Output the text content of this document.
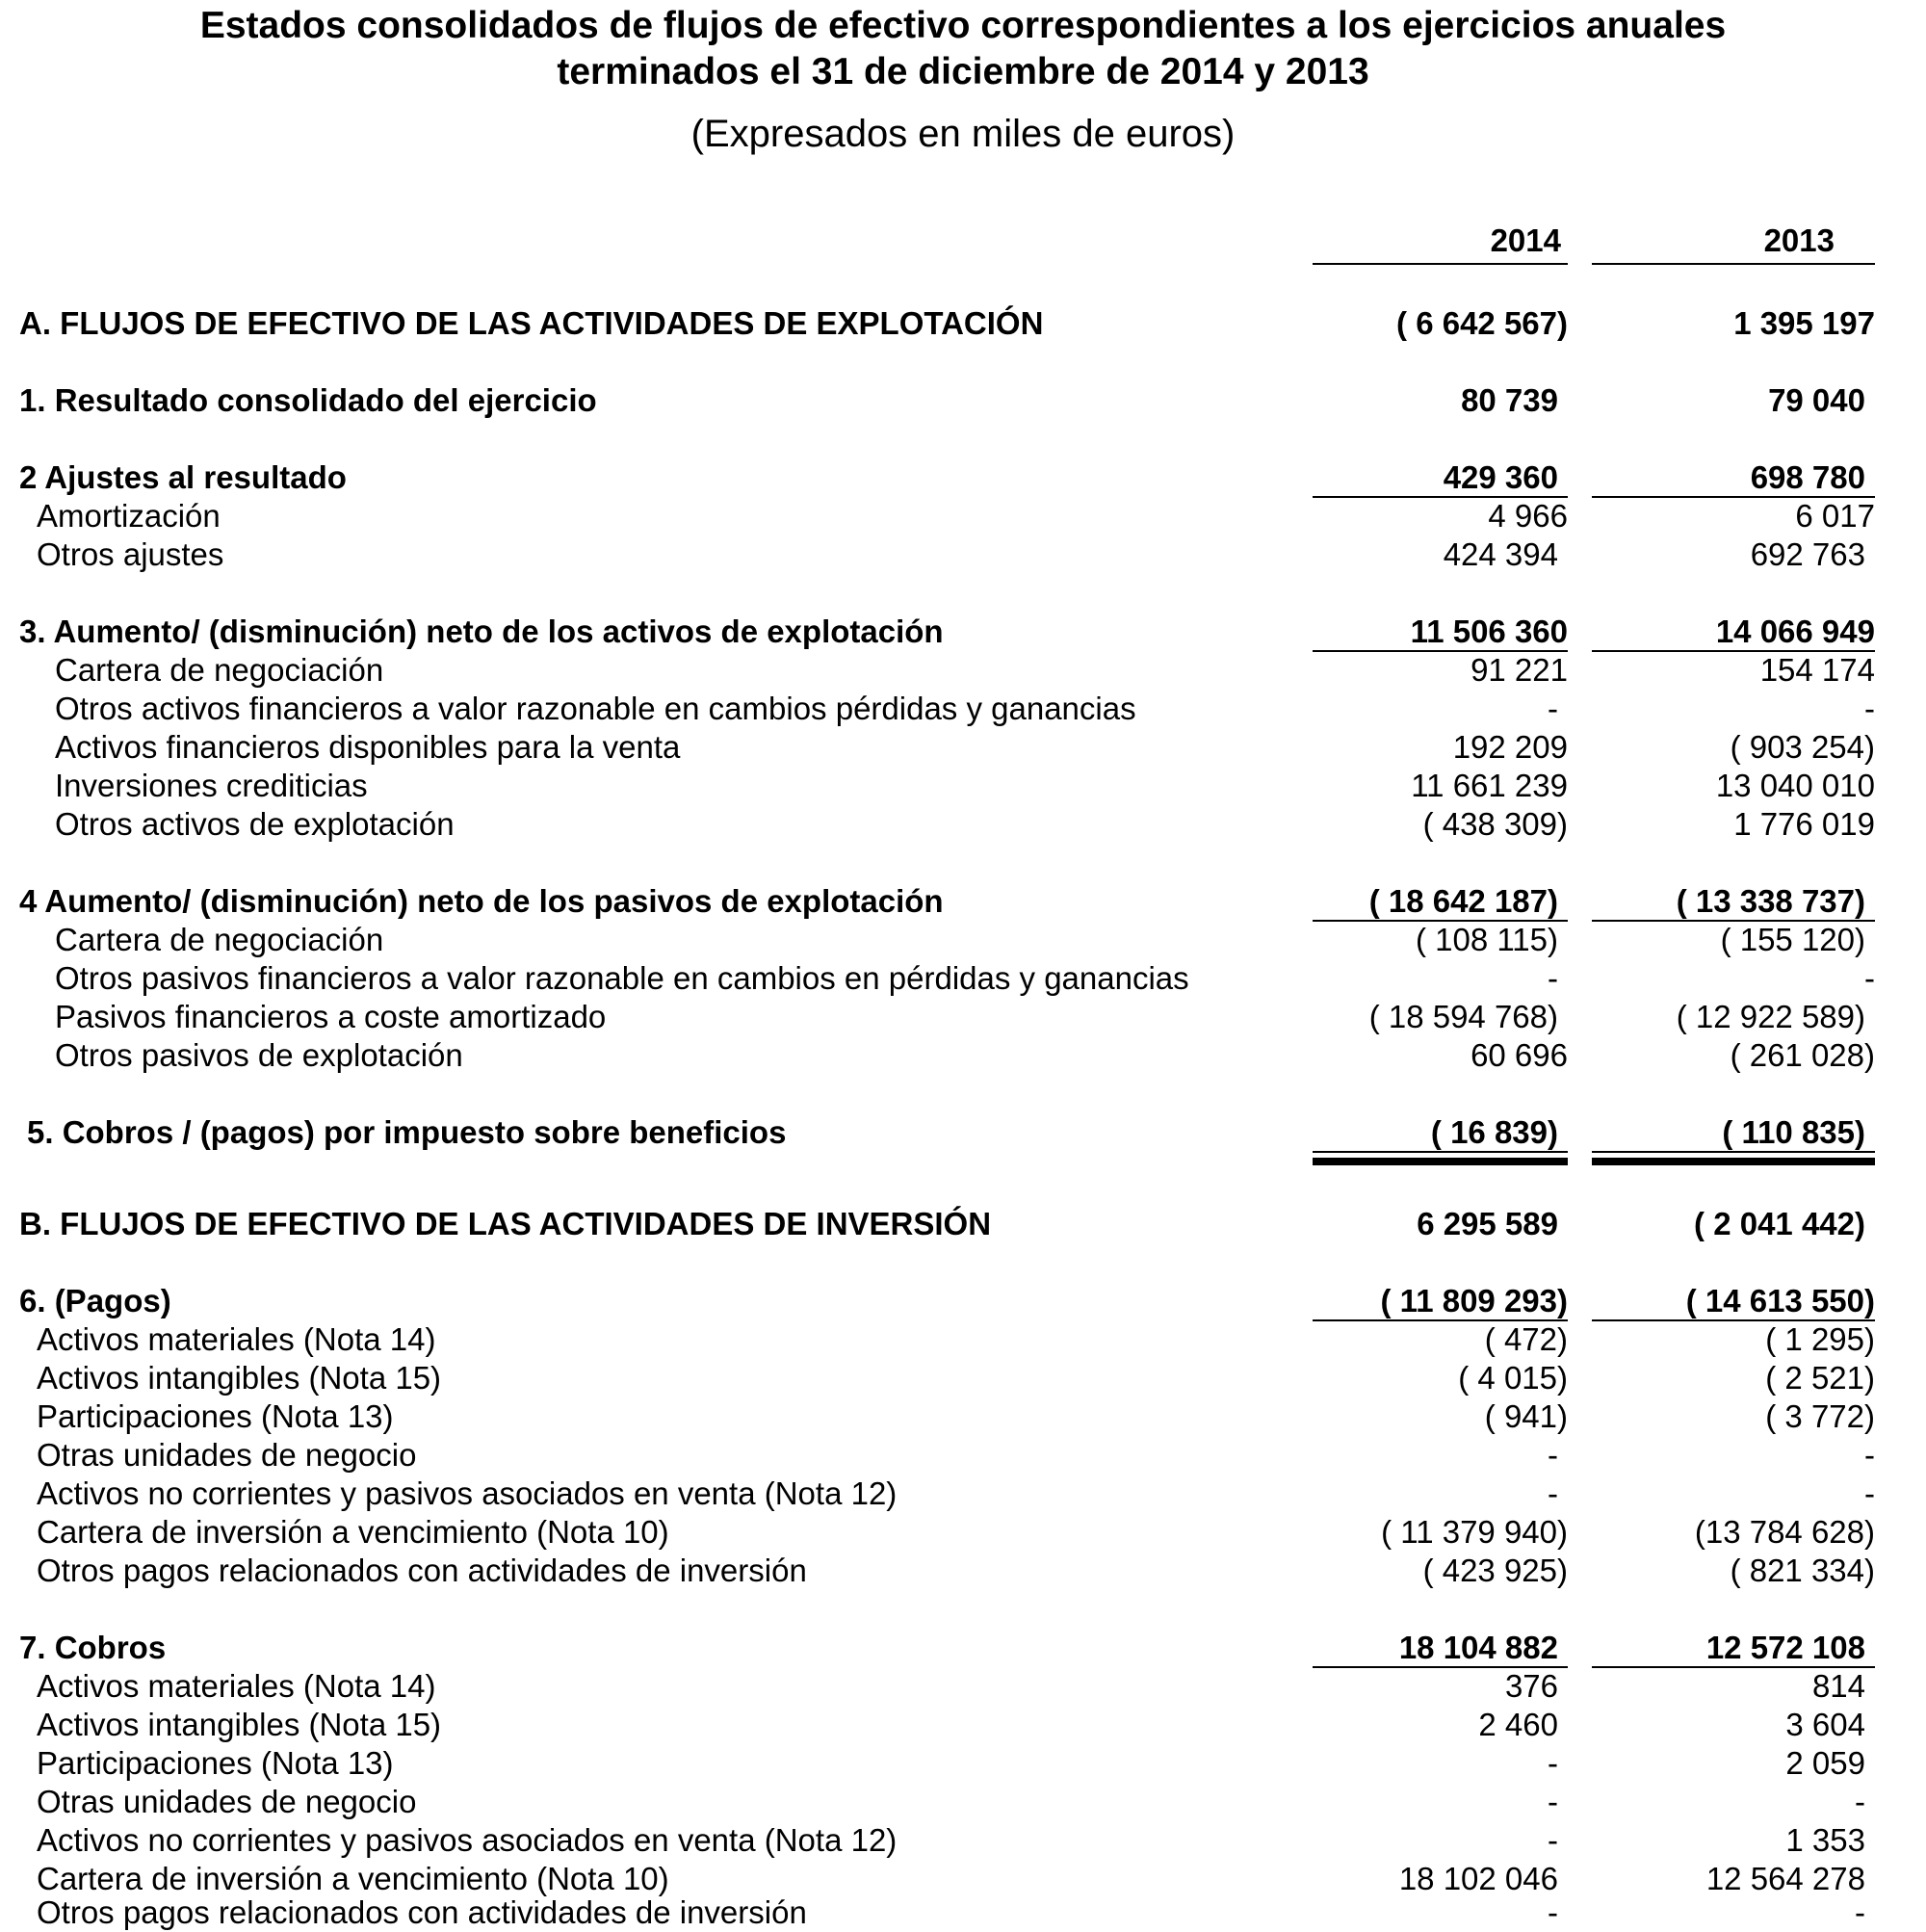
Estados consolidados de flujos de efectivo correspondientes a los ejercicios anuales
terminados el 31 de diciembre de 2014 y 2013
(Expresados en miles de euros)
2014	2013
A. FLUJOS DE EFECTIVO DE LAS ACTIVIDADES DE EXPLOTACIÓN	( 6 642 567)	1 395 197
1. Resultado consolidado del ejercicio	80 739	79 040
2 Ajustes al resultado	429 360	698 780
Amortización	4 966	6 017
Otros ajustes	424 394	692 763
3. Aumento/ (disminución) neto de los activos de explotación	11 506 360	14 066 949
Cartera de negociación	91 221	154 174
Otros activos financieros a valor razonable en cambios pérdidas y ganancias	-	-
Activos financieros disponibles para la venta	192 209	( 903 254)
Inversiones crediticias	11 661 239	13 040 010
Otros activos de explotación	( 438 309)	1 776 019
4 Aumento/ (disminución) neto de los pasivos de explotación	( 18 642 187)	( 13 338 737)
Cartera de negociación	( 108 115)	( 155 120)
Otros pasivos financieros a valor razonable en cambios en pérdidas y ganancias	-	-
Pasivos financieros a coste amortizado	( 18 594 768)	( 12 922 589)
Otros pasivos de explotación	60 696	( 261 028)
5. Cobros / (pagos) por impuesto sobre beneficios	( 16 839)	( 110 835)
B. FLUJOS DE EFECTIVO DE LAS ACTIVIDADES DE INVERSIÓN	6 295 589	( 2 041 442)
6. (Pagos)	( 11 809 293)	( 14 613 550)
Activos materiales (Nota 14)	( 472)	( 1 295)
Activos intangibles (Nota 15)	( 4 015)	( 2 521)
Participaciones (Nota 13)	( 941)	( 3 772)
Otras unidades de negocio	-	-
Activos no corrientes y pasivos asociados en venta (Nota 12)	-	-
Cartera de inversión a vencimiento (Nota 10)	( 11 379 940)	(13 784 628)
Otros pagos relacionados con actividades de inversión	( 423 925)	( 821 334)
7. Cobros	18 104 882	12 572 108
Activos materiales (Nota 14)	376	814
Activos intangibles (Nota 15)	2 460	3 604
Participaciones (Nota 13)	-	2 059
Otras unidades de negocio	-	-
Activos no corrientes y pasivos asociados en venta (Nota 12)	-	1 353
Cartera de inversión a vencimiento (Nota 10)	18 102 046	12 564 278
Otros pagos relacionados con actividades de inversión	-	-
